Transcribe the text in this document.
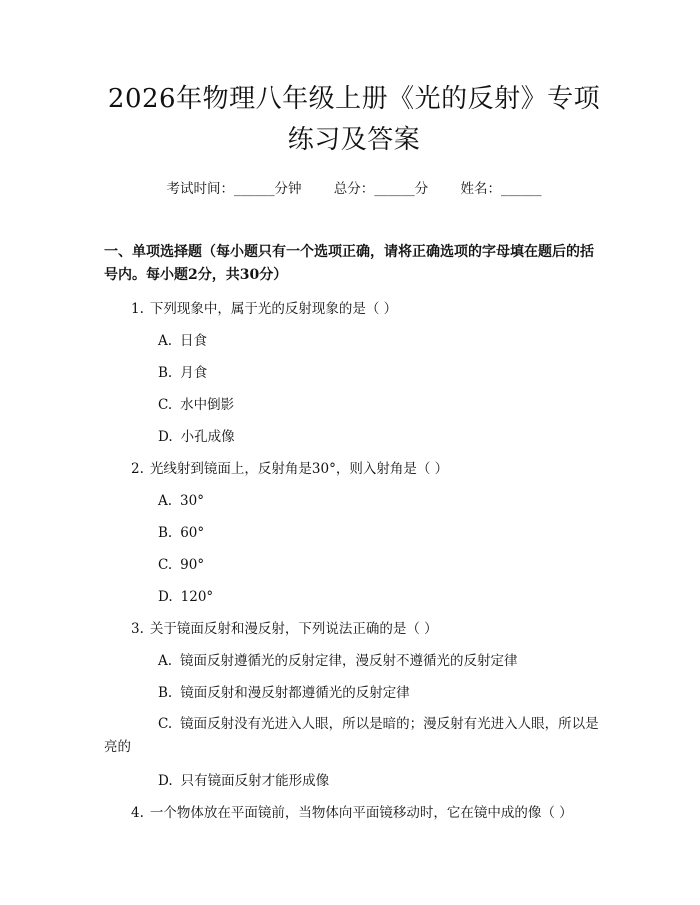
2026年物理八年级上册《光的反射》专项练习及答案
考试时间：______分钟 总分：______分 姓名：______
一、单项选择题（每小题只有一个选项正确，请将正确选项的字母填在题后的括号内。每小题2分，共30分）
1. 下列现象中，属于光的反射现象的是（ ）
A. 日食
B. 月食
C. 水中倒影
D. 小孔成像
2. 光线射到镜面上，反射角是30°，则入射角是（ ）
A. 30°
B. 60°
C. 90°
D. 120°
3. 关于镜面反射和漫反射，下列说法正确的是（ ）
A. 镜面反射遵循光的反射定律，漫反射不遵循光的反射定律
B. 镜面反射和漫反射都遵循光的反射定律
C. 镜面反射没有光进入人眼，所以是暗的；漫反射有光进入人眼，所以是亮的
D. 只有镜面反射才能形成像
4. 一个物体放在平面镜前，当物体向平面镜移动时，它在镜中成的像（ ）
